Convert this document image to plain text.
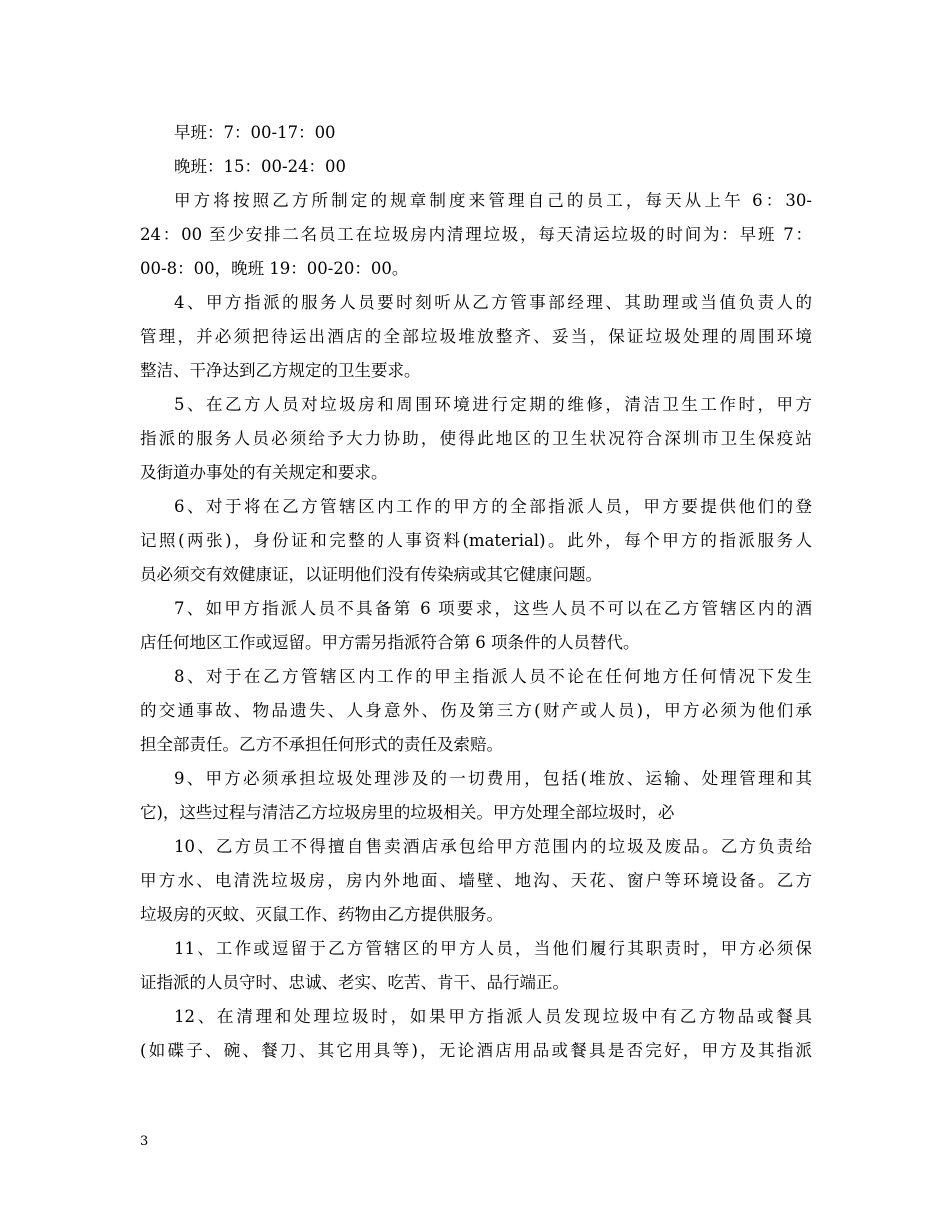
早班：7：00-17：00
晚班：15：00-24：00
甲方将按照乙方所制定的规章制度来管理自己的员工，每天从上午 6：30-
24：00 至少安排二名员工在垃圾房内清理垃圾，每天清运垃圾的时间为：早班 7：
00-8：00，晚班 19：00-20：00。
4、甲方指派的服务人员要时刻听从乙方管事部经理、其助理或当值负责人的
管理，并必须把待运出酒店的全部垃圾堆放整齐、妥当，保证垃圾处理的周围环境
整洁、干净达到乙方规定的卫生要求。
5、在乙方人员对垃圾房和周围环境进行定期的维修，清洁卫生工作时，甲方
指派的服务人员必须给予大力协助，使得此地区的卫生状况符合深圳市卫生保疫站
及街道办事处的有关规定和要求。
6、对于将在乙方管辖区内工作的甲方的全部指派人员，甲方要提供他们的登
记照(两张)，身份证和完整的人事资料(material)。此外，每个甲方的指派服务人
员必须交有效健康证，以证明他们没有传染病或其它健康问题。
7、如甲方指派人员不具备第 6 项要求，这些人员不可以在乙方管辖区内的酒
店任何地区工作或逗留。甲方需另指派符合第 6 项条件的人员替代。
8、对于在乙方管辖区内工作的甲主指派人员不论在任何地方任何情况下发生
的交通事故、物品遗失、人身意外、伤及第三方(财产或人员)，甲方必须为他们承
担全部责任。乙方不承担任何形式的责任及索赔。
9、甲方必须承担垃圾处理涉及的一切费用，包括(堆放、运输、处理管理和其
它)，这些过程与清洁乙方垃圾房里的垃圾相关。甲方处理全部垃圾时，必
10、乙方员工不得擅自售卖酒店承包给甲方范围内的垃圾及废品。乙方负责给
甲方水、电清洗垃圾房，房内外地面、墙壁、地沟、天花、窗户等环境设备。乙方
垃圾房的灭蚊、灭鼠工作、药物由乙方提供服务。
11、工作或逗留于乙方管辖区的甲方人员，当他们履行其职责时，甲方必须保
证指派的人员守时、忠诚、老实、吃苦、肯干、品行端正。
12、在清理和处理垃圾时，如果甲方指派人员发现垃圾中有乙方物品或餐具
(如碟子、碗、餐刀、其它用具等)，无论酒店用品或餐具是否完好，甲方及其指派
3
